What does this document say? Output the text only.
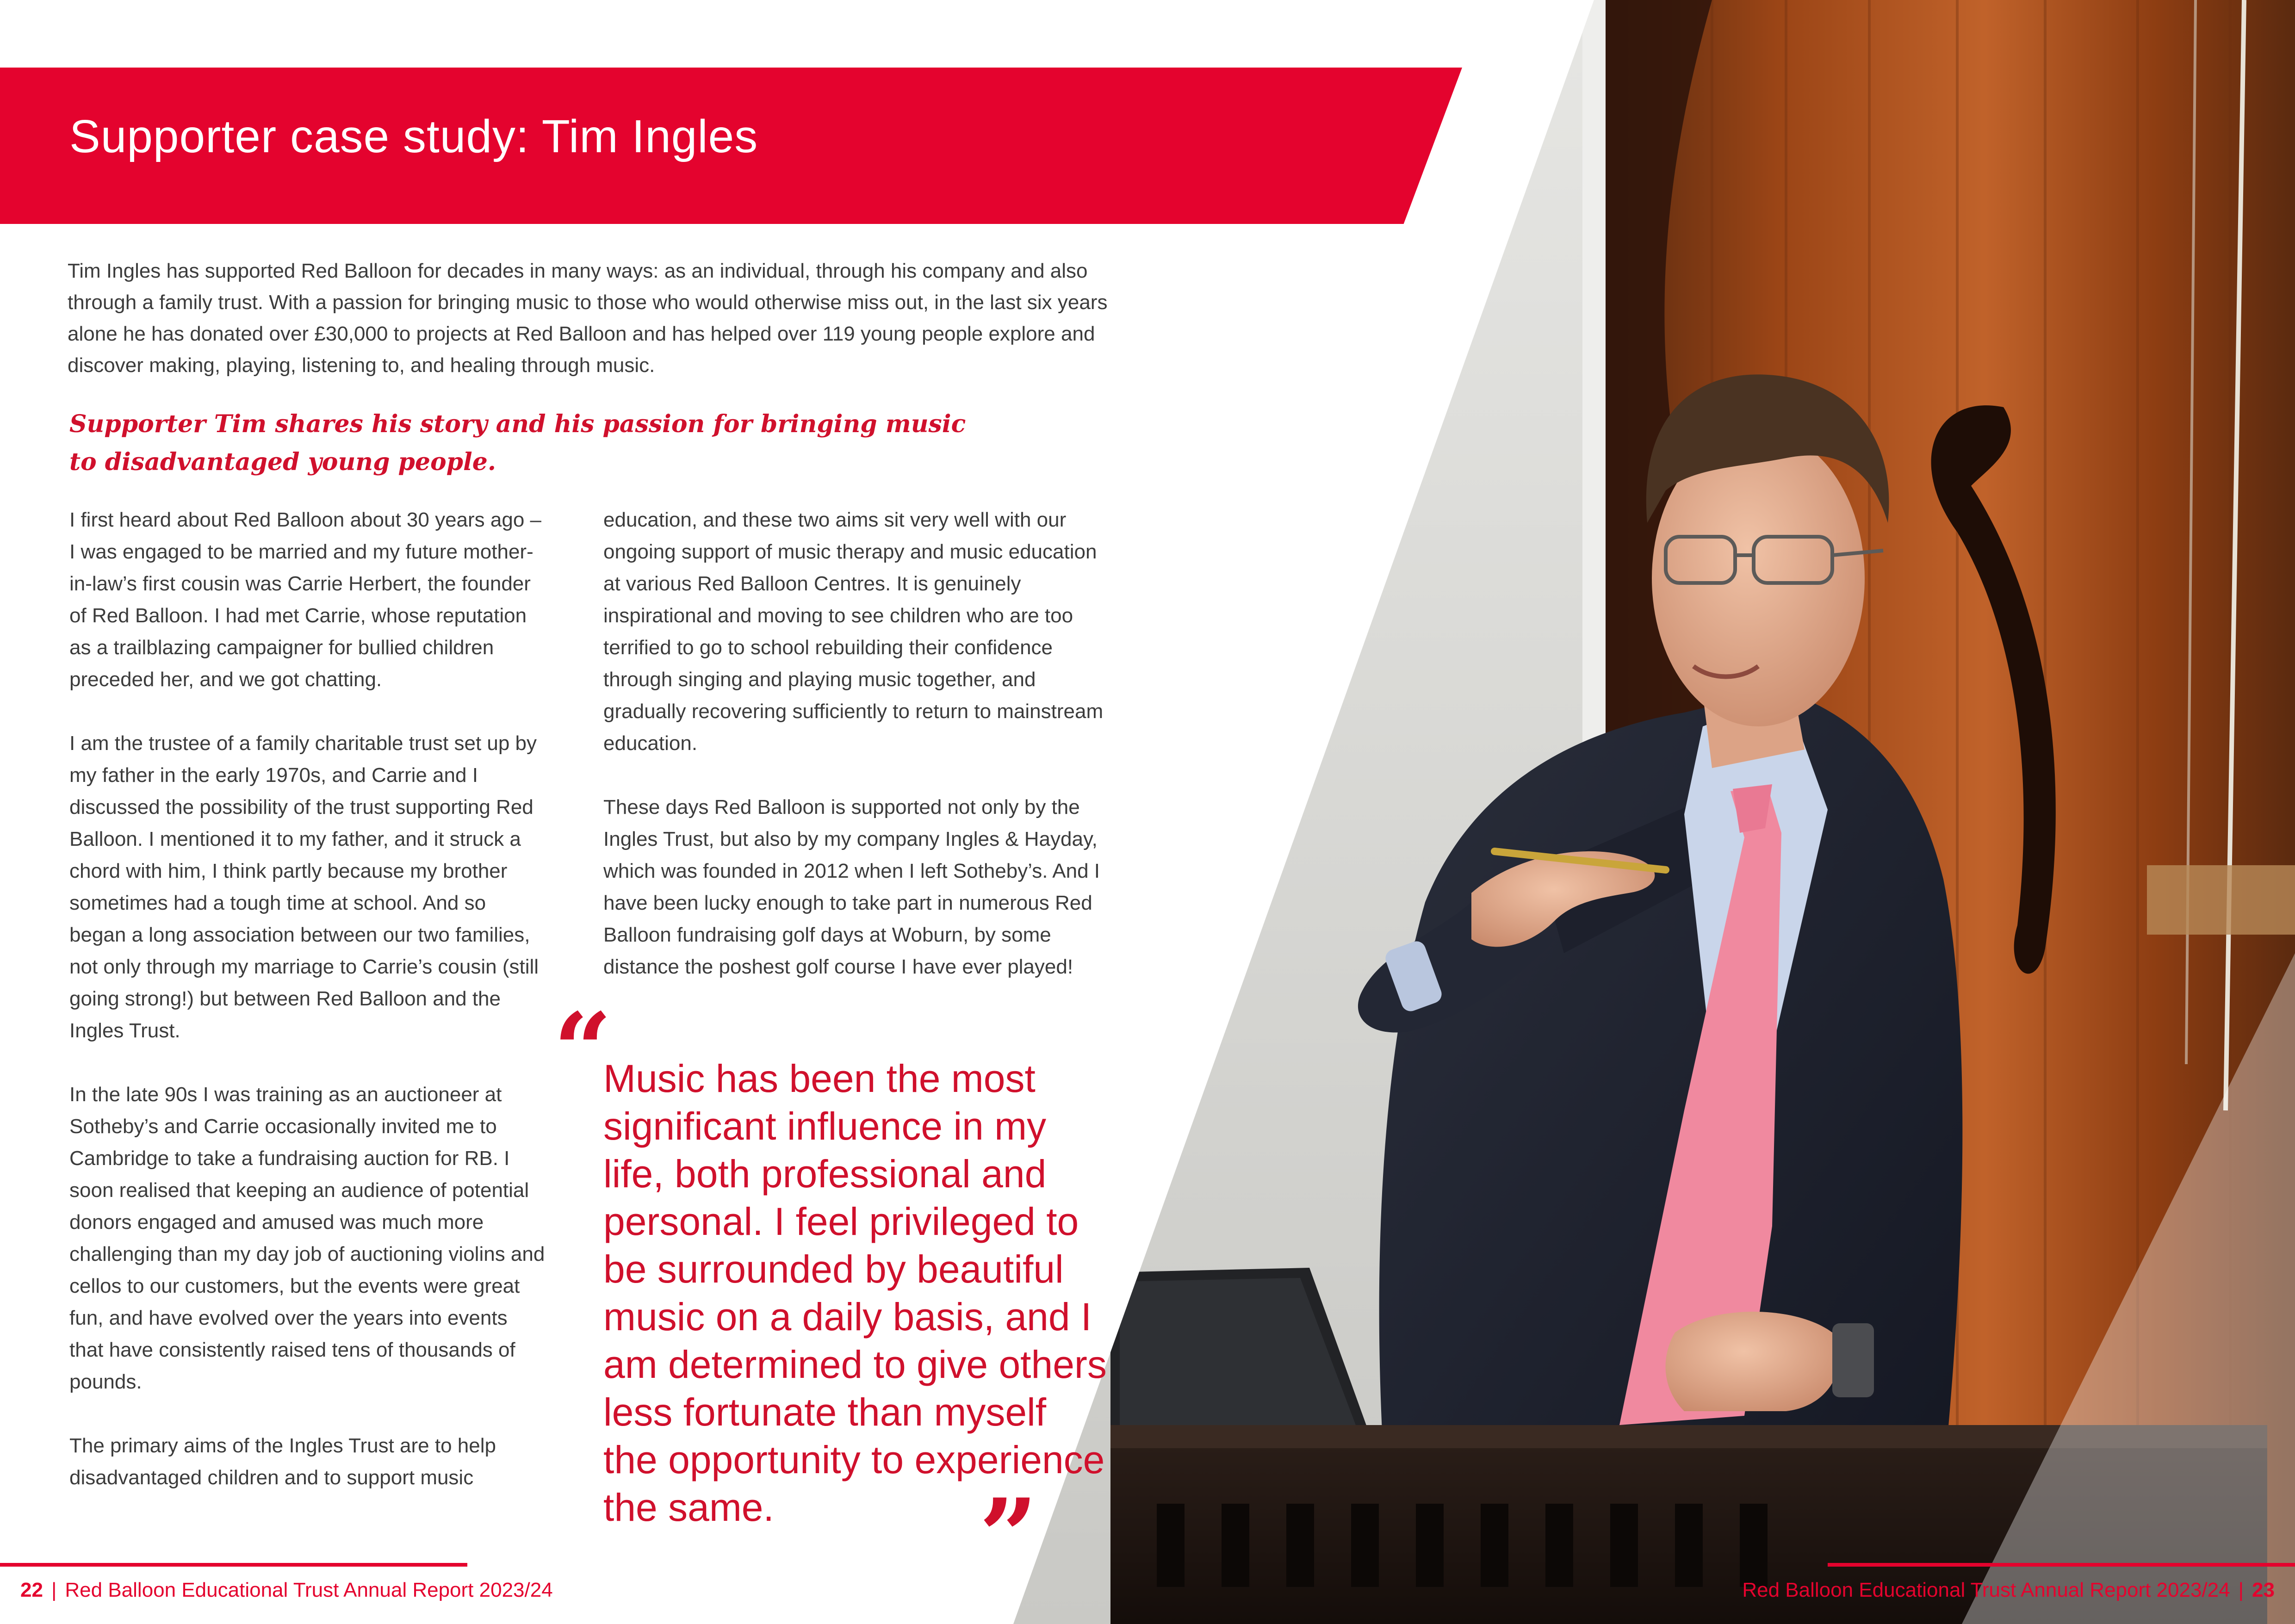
Supporter case study: Tim Ingles

Tim Ingles has supported Red Balloon for decades in many ways: as an individual, through his company and also through a family trust. With a passion for bringing music to those who would otherwise miss out, in the last six years alone he has donated over £30,000 to projects at Red Balloon and has helped over 119 young people explore and discover making, playing, listening to, and healing through music.

Supporter Tim shares his story and his passion for bringing music to disadvantaged young people.

I first heard about Red Balloon about 30 years ago – I was engaged to be married and my future mother-in-law’s first cousin was Carrie Herbert, the founder of Red Balloon. I had met Carrie, whose reputation as a trailblazing campaigner for bullied children preceded her, and we got chatting.

I am the trustee of a family charitable trust set up by my father in the early 1970s, and Carrie and I discussed the possibility of the trust supporting Red Balloon. I mentioned it to my father, and it struck a chord with him, I think partly because my brother sometimes had a tough time at school. And so began a long association between our two families, not only through my marriage to Carrie’s cousin (still going strong!) but between Red Balloon and the Ingles Trust.

In the late 90s I was training as an auctioneer at Sotheby’s and Carrie occasionally invited me to Cambridge to take a fundraising auction for RB. I soon realised that keeping an audience of potential donors engaged and amused was much more challenging than my day job of auctioning violins and cellos to our customers, but the events were great fun, and have evolved over the years into events that have consistently raised tens of thousands of pounds.

The primary aims of the Ingles Trust are to help disadvantaged children and to support music

education, and these two aims sit very well with our ongoing support of music therapy and music education at various Red Balloon Centres. It is genuinely inspirational and moving to see children who are too terrified to go to school rebuilding their confidence through singing and playing music together, and gradually recovering sufficiently to return to mainstream education.

These days Red Balloon is supported not only by the Ingles Trust, but also by my company Ingles & Hayday, which was founded in 2012 when I left Sotheby’s. And I have been lucky enough to take part in numerous Red Balloon fundraising golf days at Woburn, by some distance the poshest golf course I have ever played!

“

Music has been the most significant influence in my life, both professional and personal. I feel privileged to be surrounded by beautiful music on a daily basis, and I am determined to give others less fortunate than myself the opportunity to experience the same.	”
22 | Red Balloon Educational Trust Annual Report 2023/24	Red Balloon Educational Trust Annual Report 2023/24 | 23
